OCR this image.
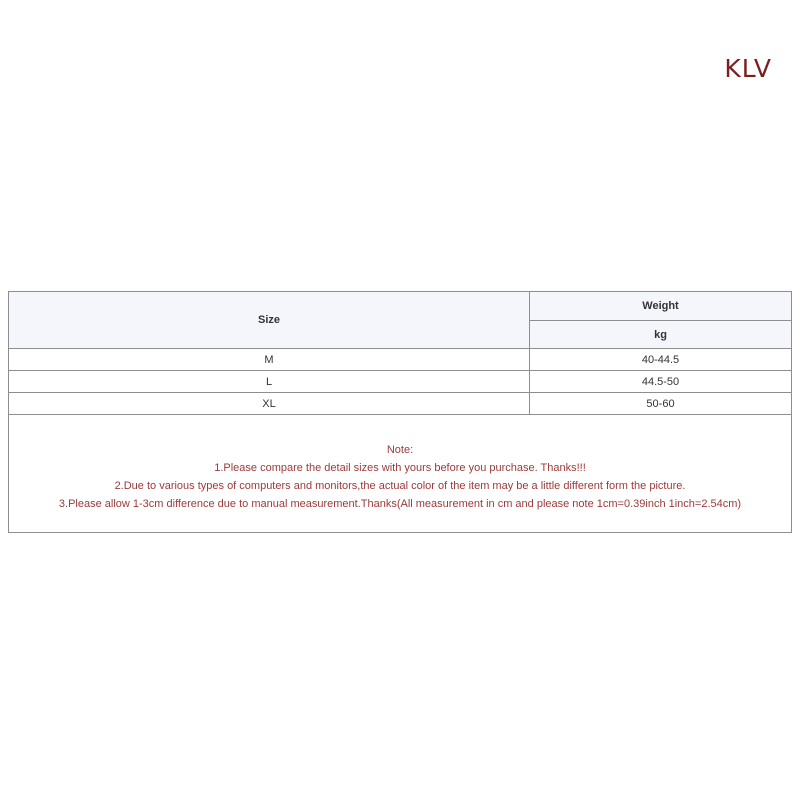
KLV
Size	Weight
	kg
M	40-44.5
L	44.5-50
XL	50-60

Note:
1.Please compare the detail sizes with yours before you purchase. Thanks!!!
2.Due to various types of computers and monitors,the actual color of the item may be a little different form the picture.
3.Please allow 1-3cm difference due to manual measurement.Thanks(All measurement in cm and please note 1cm=0.39inch 1inch=2.54cm)	
